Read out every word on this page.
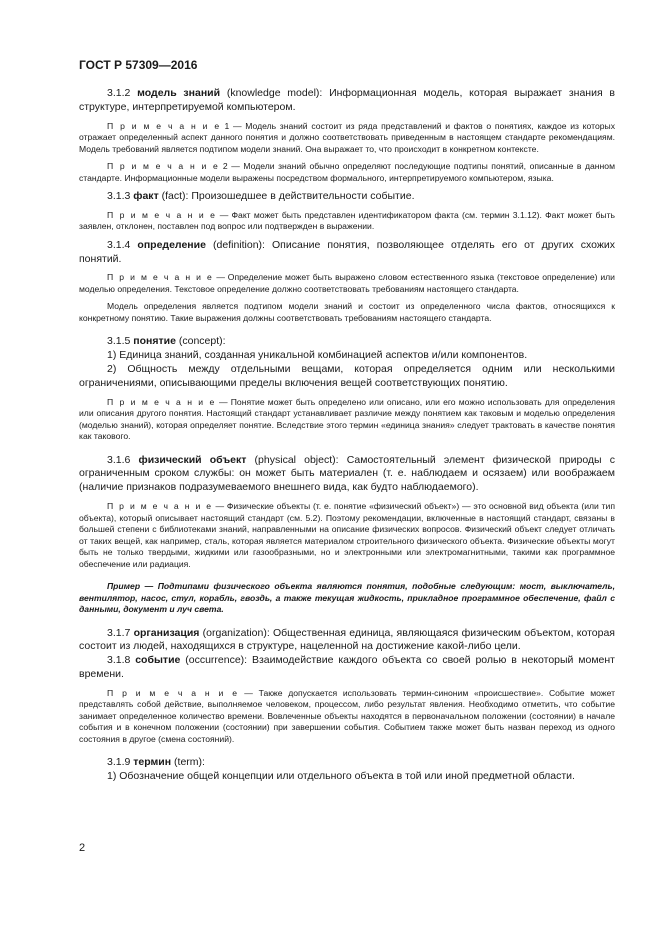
ГОСТ Р 57309—2016

3.1.2 модель знаний (knowledge model): Информационная модель, которая выражает знания в структуре, интерпретируемой компьютером.

П р и м е ч а н и е 1 — Модель знаний состоит из ряда представлений и фактов о понятиях, каждое из которых отражает определенный аспект данного понятия и должно соответствовать приведенным в настоящем стандарте рекомендациям. Модель требований является подтипом модели знаний. Она выражает то, что происходит в конкретном контексте.

П р и м е ч а н и е 2 — Модели знаний обычно определяют последующие подтипы понятий, описанные в данном стандарте. Информационные модели выражены посредством формального, интерпретируемого компьютером, языка.

3.1.3 факт (fact): Произошедшее в действительности событие.

П р и м е ч а н и е — Факт может быть представлен идентификатором факта (см. термин 3.1.12). Факт может быть заявлен, отклонен, поставлен под вопрос или подтвержден в выражении.

3.1.4 определение (definition): Описание понятия, позволяющее отделять его от других схожих понятий.

П р и м е ч а н и е — Определение может быть выражено словом естественного языка (текстовое определение) или моделью определения. Текстовое определение должно соответствовать требованиям настоящего стандарта.

Модель определения является подтипом модели знаний и состоит из определенного числа фактов, относящихся к конкретному понятию. Такие выражения должны соответствовать требованиям настоящего стандарта.

3.1.5 понятие (concept):

1) Единица знаний, созданная уникальной комбинацией аспектов и/или компонентов.

2) Общность между отдельными вещами, которая определяется одним или несколькими ограничениями, описывающими пределы включения вещей соответствующих понятию.

П р и м е ч а н и е — Понятие может быть определено или описано, или его можно использовать для определения или описания другого понятия. Настоящий стандарт устанавливает различие между понятием как таковым и моделью определения (моделью знаний), которая определяет понятие. Вследствие этого термин «единица знания» следует трактовать в качестве понятия как такового.

3.1.6 физический объект (physical object): Самостоятельный элемент физической природы с ограниченным сроком службы: он может быть материален (т. е. наблюдаем и осязаем) или воображаем (наличие признаков подразумеваемого внешнего вида, как будто наблюдаемого).

П р и м е ч а н и е — Физические объекты (т. е. понятие «физический объект») — это основной вид объекта (или тип объекта), который описывает настоящий стандарт (см. 5.2). Поэтому рекомендации, включенные в настоящий стандарт, связаны в большей степени с библиотеками знаний, направленными на описание физических вопросов. Физический объект следует отличать от таких вещей, как например, сталь, которая является материалом строительного физического объекта. Физические объекты могут быть не только твердыми, жидкими или газообразными, но и электронными или электромагнитными, такими как программное обеспечение или радиация.

Пример — Подтипами физического объекта являются понятия, подобные следующим: мост, выключатель, вентилятор, насос, стул, корабль, гвоздь, а также текущая жидкость, прикладное программное обеспечение, файл с данными, документ и луч света.

3.1.7 организация (organization): Общественная единица, являющаяся физическим объектом, которая состоит из людей, находящихся в структуре, нацеленной на достижение какой-либо цели.

3.1.8 событие (occurrence): Взаимодействие каждого объекта со своей ролью в некоторый момент времени.

П р и м е ч а н и е — Также допускается использовать термин-синоним «происшествие». Событие может представлять собой действие, выполняемое человеком, процессом, либо результат явления. Необходимо отметить, что событие занимает определенное количество времени. Вовлеченные объекты находятся в первоначальном положении (состоянии) в начале события и в конечном положении (состоянии) при завершении события. Событием также может быть назван переход из одного состояния в другое (смена состояний).

3.1.9 термин (term):

1) Обозначение общей концепции или отдельного объекта в той или иной предметной области.

2
